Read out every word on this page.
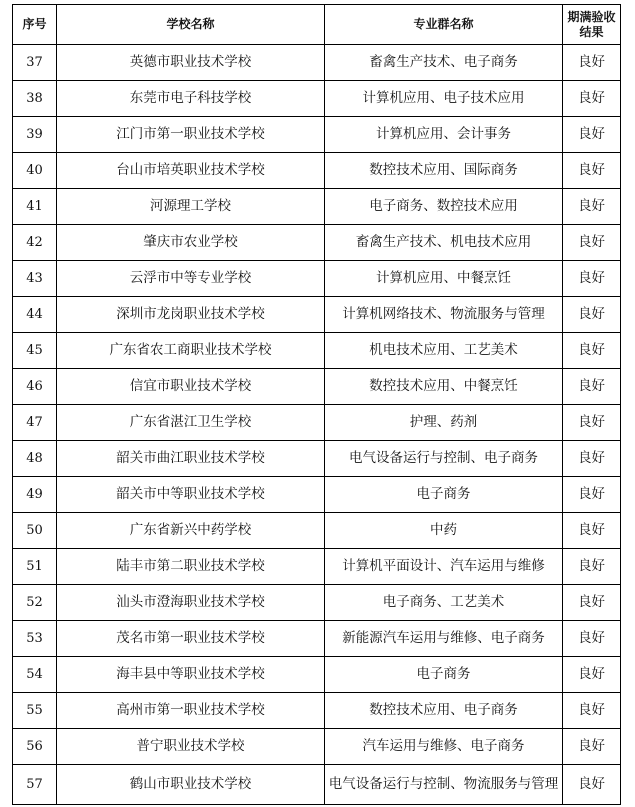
序号	学校名称	专业群名称	期满验收
结果
37	英德市职业技术学校	畜禽生产技术、电子商务	良好
38	东莞市电子科技学校	计算机应用、电子技术应用	良好
39	江门市第一职业技术学校	计算机应用、会计事务	良好
40	台山市培英职业技术学校	数控技术应用、国际商务	良好
41	河源理工学校	电子商务、数控技术应用	良好
42	肇庆市农业学校	畜禽生产技术、机电技术应用	良好
43	云浮市中等专业学校	计算机应用、中餐烹饪	良好
44	深圳市龙岗职业技术学校	计算机网络技术、物流服务与管理	良好
45	广东省农工商职业技术学校	机电技术应用、工艺美术	良好
46	信宜市职业技术学校	数控技术应用、中餐烹饪	良好
47	广东省湛江卫生学校	护理、药剂	良好
48	韶关市曲江职业技术学校	电气设备运行与控制、电子商务	良好
49	韶关市中等职业技术学校	电子商务	良好
50	广东省新兴中药学校	中药	良好
51	陆丰市第二职业技术学校	计算机平面设计、汽车运用与维修	良好
52	汕头市澄海职业技术学校	电子商务、工艺美术	良好
53	茂名市第一职业技术学校	新能源汽车运用与维修、电子商务	良好
54	海丰县中等职业技术学校	电子商务	良好
55	高州市第一职业技术学校	数控技术应用、电子商务	良好
56	普宁职业技术学校	汽车运用与维修、电子商务	良好
57	鹤山市职业技术学校	电气设备运行与控制、物流服务与管理	良好
